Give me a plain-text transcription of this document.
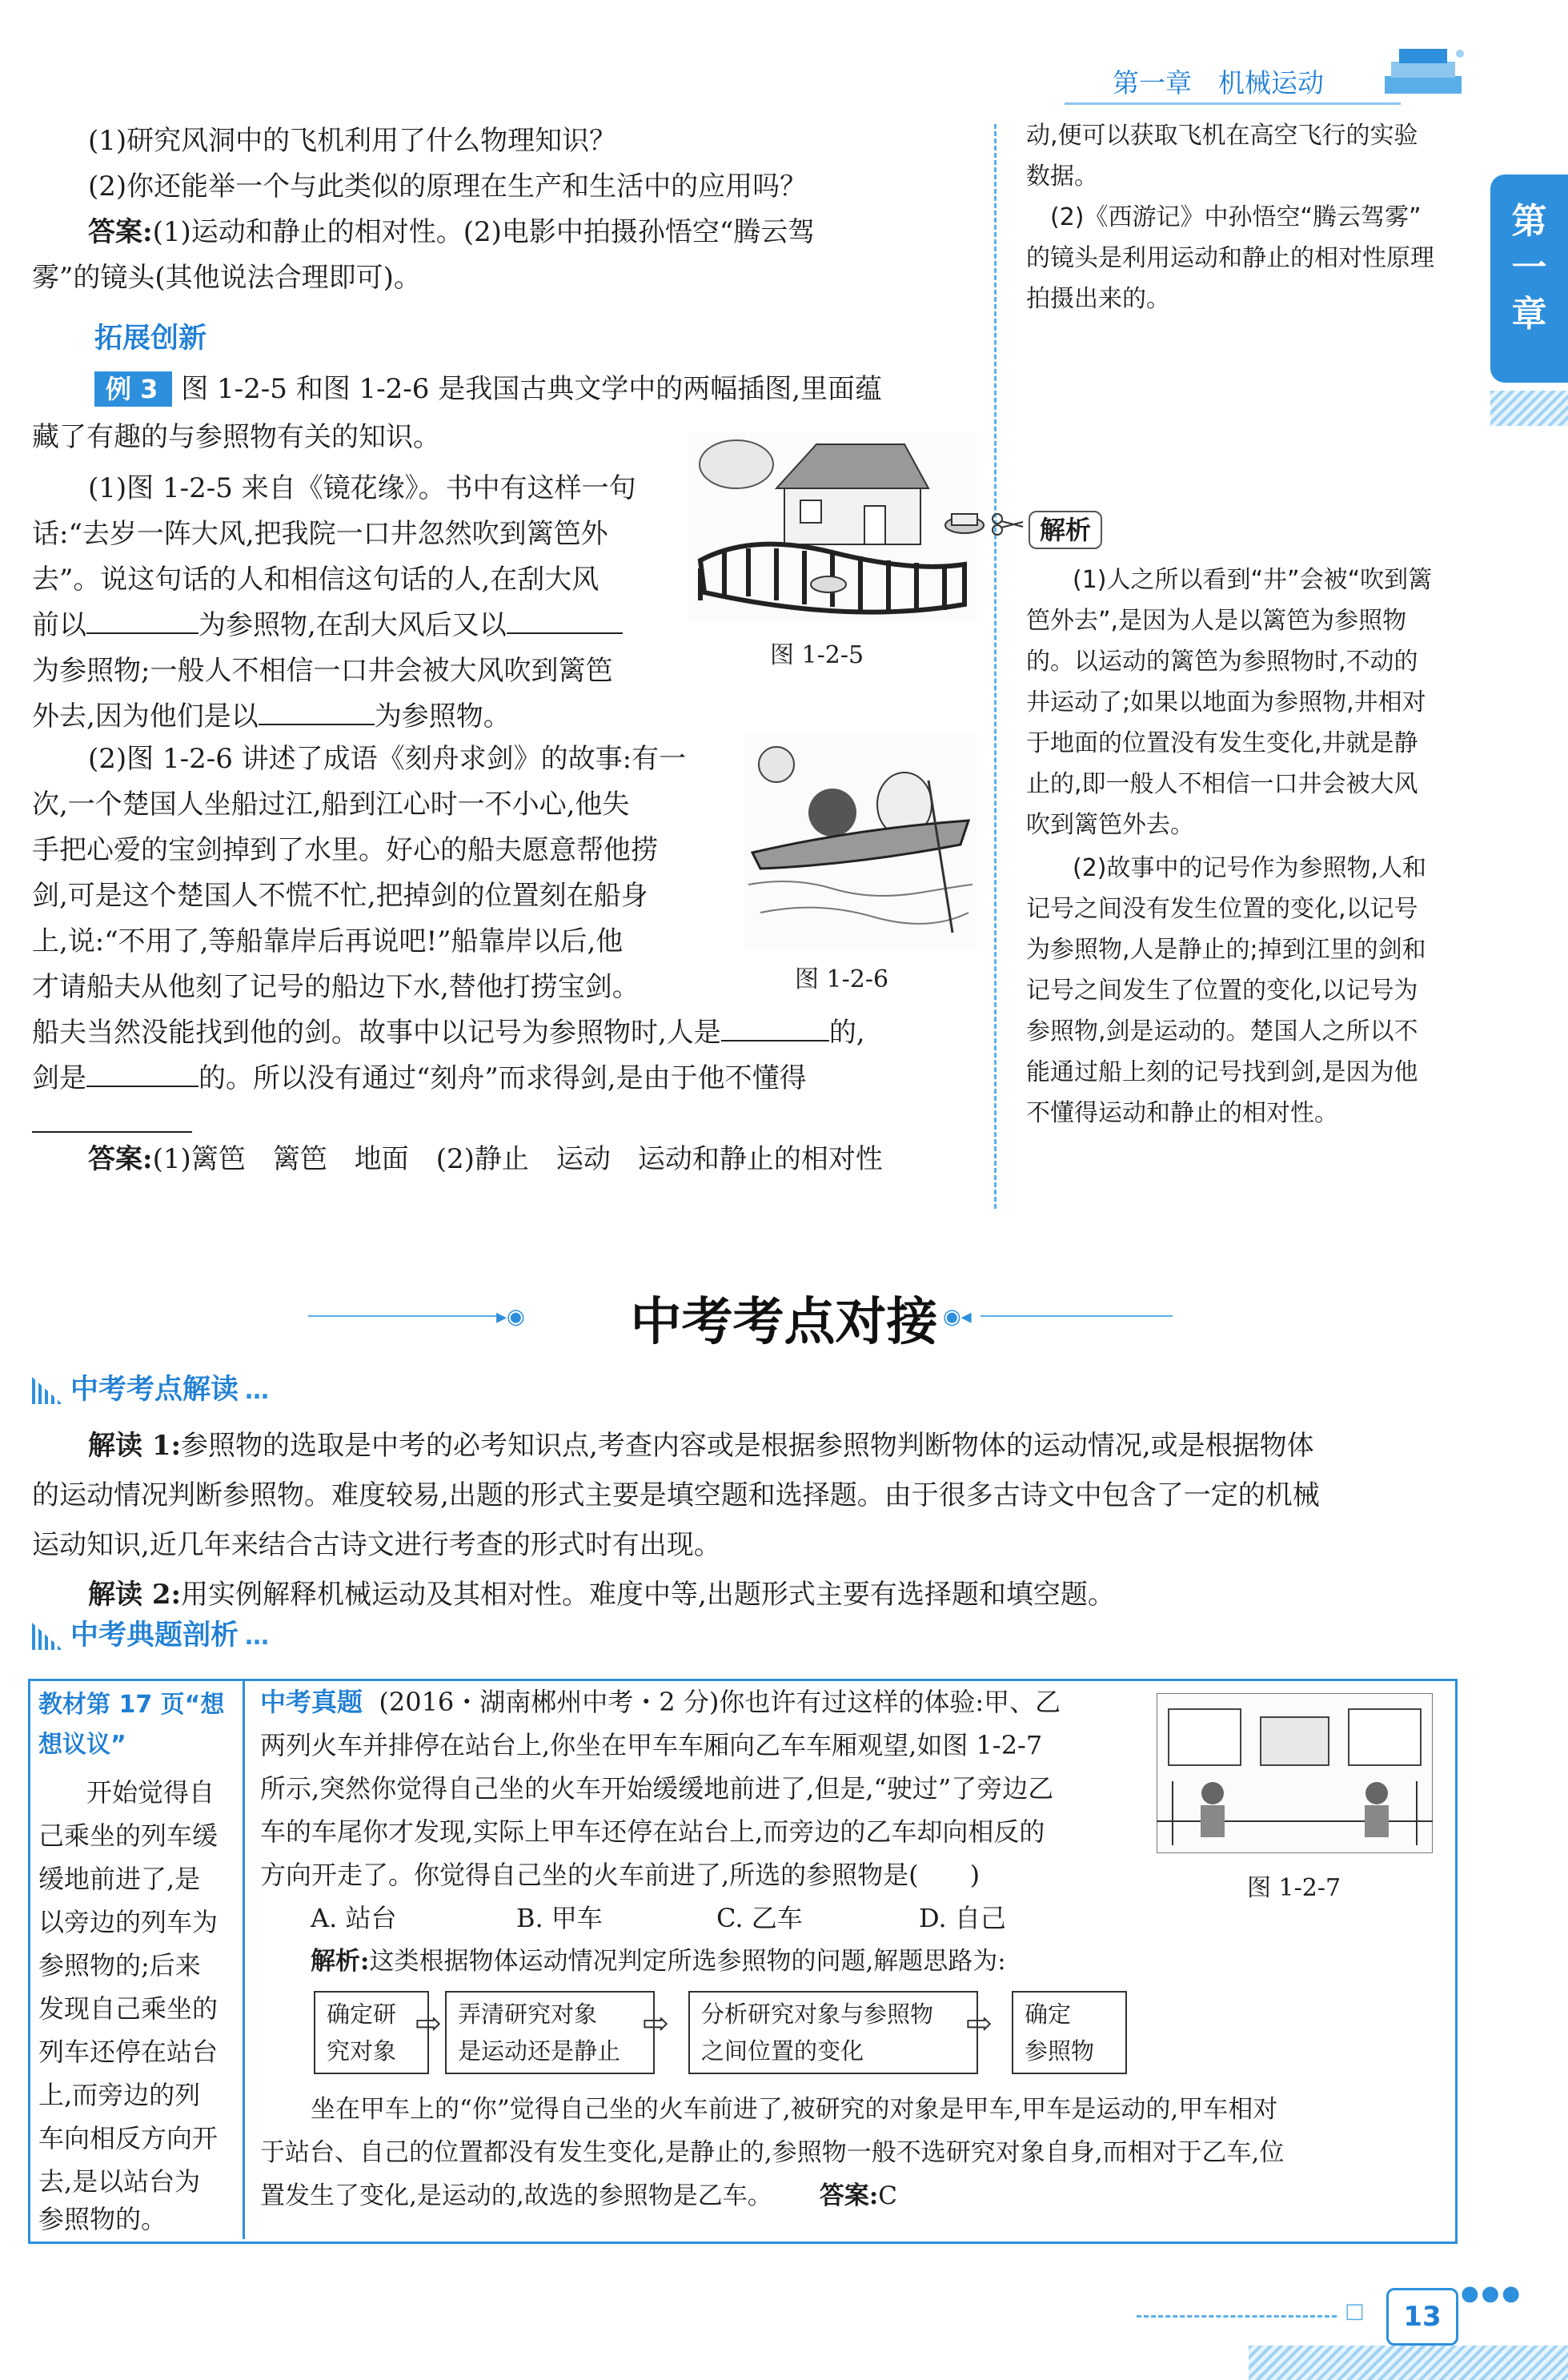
第一章　机械运动
第一章

(1)研究风洞中的飞机利用了什么物理知识？

(2)你还能举一个与此类似的原理在生产和生活中的应用吗？

答案:(1)运动和静止的相对性。(2)电影中拍摄孙悟空“腾云驾

雾”的镜头(其他说法合理即可)。

动,便可以获取飞机在高空飞行的实验

数据。

(2)《西游记》中孙悟空“腾云驾雾”

的镜头是利用运动和静止的相对性原理

拍摄出来的。

拓展创新

例 3 图 1-2-5 和图 1-2-6 是我国古典文学中的两幅插图,里面蕴

藏了有趣的与参照物有关的知识。

(1)图 1-2-5 来自《镜花缘》。书中有这样一句

话:“去岁一阵大风,把我院一口井忽然吹到篱笆外

去”。说这句话的人和相信这句话的人,在刮大风

前以	为参照物,在刮大风后又以

为参照物;一般人不相信一口井会被大风吹到篱笆

外去,因为他们是以	为参照物。

图 1-2-5

解析

(1)人之所以看到“井”会被“吹到篱

笆外去”,是因为人是以篱笆为参照物

的。以运动的篱笆为参照物时,不动的

井运动了;如果以地面为参照物,井相对

于地面的位置没有发生变化,井就是静

止的,即一般人不相信一口井会被大风

吹到篱笆外去。

(2)故事中的记号作为参照物,人和

记号之间没有发生位置的变化,以记号

为参照物,人是静止的;掉到江里的剑和

记号之间发生了位置的变化,以记号为

参照物,剑是运动的。楚国人之所以不

能通过船上刻的记号找到剑,是因为他

不懂得运动和静止的相对性。

(2)图 1-2-6 讲述了成语《刻舟求剑》的故事:有一

次,一个楚国人坐船过江,船到江心时一不小心,他失

手把心爱的宝剑掉到了水里。好心的船夫愿意帮他捞

剑,可是这个楚国人不慌不忙,把掉剑的位置刻在船身

上,说:“不用了,等船靠岸后再说吧!”船靠岸以后,他

才请船夫从他刻了记号的船边下水,替他打捞宝剑。

船夫当然没能找到他的剑。故事中以记号为参照物时,人是	的,

剑是	的。所以没有通过“刻舟”而求得剑,是由于他不懂得

图 1-2-6

答案:(1)篱笆　篱笆　地面　(2)静止　运动　运动和静止的相对性

▸◉	中考考点对接 ◉◂
中考考点解读 …

解读 1:参照物的选取是中考的必考知识点,考查内容或是根据参照物判断物体的运动情况,或是根据物体

的运动情况判断参照物。难度较易,出题的形式主要是填空题和选择题。由于很多古诗文中包含了一定的机械

运动知识,近几年来结合古诗文进行考查的形式时有出现。

解读 2:用实例解释机械运动及其相对性。难度中等,出题形式主要有选择题和填空题。

中考典题剖析 …

教材第 17 页“想

想议议”

开始觉得自

己乘坐的列车缓

缓地前进了,是

以旁边的列车为

参照物的;后来

发现自己乘坐的

列车还停在站台

上,而旁边的列

车向相反方向开

去,是以站台为

参照物的。

中考真题 (2016・湖南郴州中考・2 分)你也许有过这样的体验:甲、乙

两列火车并排停在站台上,你坐在甲车车厢向乙车车厢观望,如图 1-2-7

所示,突然你觉得自己坐的火车开始缓缓地前进了,但是,“驶过”了旁边乙

车的车尾你才发现,实际上甲车还停在站台上,而旁边的乙车却向相反的

方向开走了。你觉得自己坐的火车前进了,所选的参照物是(　　)

A. 站台	B. 甲车	C. 乙车	D. 自己

图 1-2-7

解析:这类根据物体运动情况判定所选参照物的问题,解题思路为:

确定研
究对象
⇨ 弄清研究对象
是运动还是静止
⇨ 分析研究对象与参照物
之间位置的变化
⇨ 确定
参照物

坐在甲车上的“你”觉得自己坐的火车前进了,被研究的对象是甲车,甲车是运动的,甲车相对

于站台、自己的位置都没有发生变化,是静止的,参照物一般不选研究对象自身,而相对于乙车,位

置发生了变化,是运动的,故选的参照物是乙车。 答案:C

□	13
●●●
